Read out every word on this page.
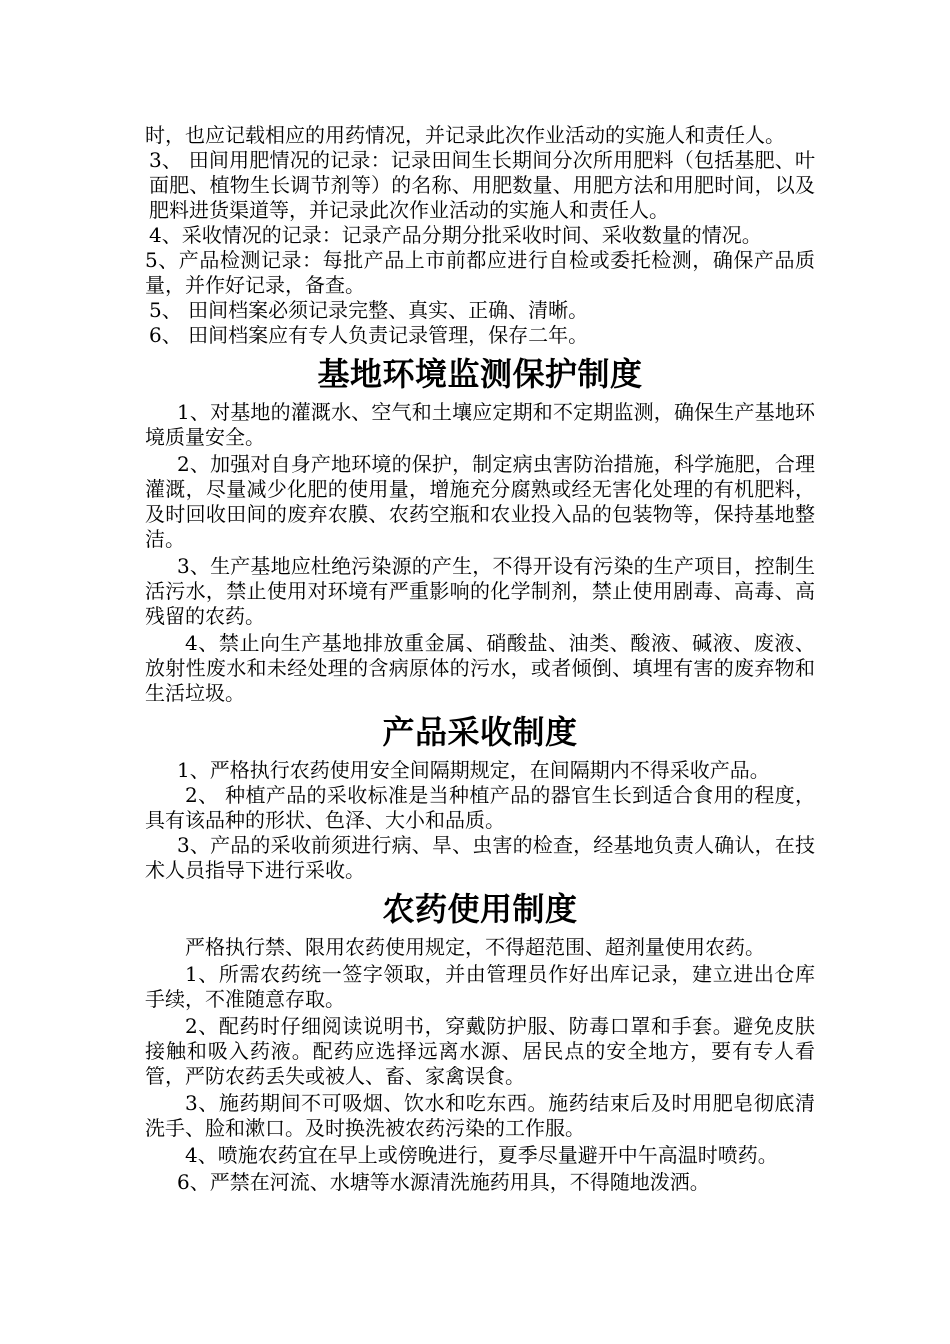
时，也应记载相应的用药情况，并记录此次作业活动的实施人和责任人。

3、 田间用肥情况的记录：记录田间生长期间分次所用肥料（包括基肥、叶面肥、植物生长调节剂等）的名称、用肥数量、用肥方法和用肥时间，以及肥料进货渠道等，并记录此次作业活动的实施人和责任人。

4、采收情况的记录：记录产品分期分批采收时间、采收数量的情况。

5、产品检测记录：每批产品上市前都应进行自检或委托检测，确保产品质量，并作好记录，备查。

5、 田间档案必须记录完整、真实、正确、清晰。

6、 田间档案应有专人负责记录管理，保存二年。

基地环境监测保护制度

1、对基地的灌溉水、空气和土壤应定期和不定期监测，确保生产基地环境质量安全。

2、加强对自身产地环境的保护，制定病虫害防治措施，科学施肥，合理灌溉，尽量减少化肥的使用量，增施充分腐熟或经无害化处理的有机肥料，及时回收田间的废弃农膜、农药空瓶和农业投入品的包装物等，保持基地整洁。

3、生产基地应杜绝污染源的产生，不得开设有污染的生产项目，控制生活污水，禁止使用对环境有严重影响的化学制剂，禁止使用剧毒、高毒、高残留的农药。

4、禁止向生产基地排放重金属、硝酸盐、油类、酸液、碱液、废液、放射性废水和未经处理的含病原体的污水，或者倾倒、填埋有害的废弃物和生活垃圾。

产品采收制度

1、严格执行农药使用安全间隔期规定，在间隔期内不得采收产品。

2、 种植产品的采收标准是当种植产品的器官生长到适合食用的程度，具有该品种的形状、色泽、大小和品质。

3、产品的采收前须进行病、旱、虫害的检查，经基地负责人确认，在技术人员指导下进行采收。

农药使用制度

严格执行禁、限用农药使用规定，不得超范围、超剂量使用农药。

1、所需农药统一签字领取，并由管理员作好出库记录，建立进出仓库手续，不准随意存取。

2、配药时仔细阅读说明书，穿戴防护服、防毒口罩和手套。避免皮肤接触和吸入药液。配药应选择远离水源、居民点的安全地方，要有专人看管，严防农药丢失或被人、畜、家禽误食。

3、施药期间不可吸烟、饮水和吃东西。施药结束后及时用肥皂彻底清洗手、脸和漱口。及时换洗被农药污染的工作服。

4、喷施农药宜在早上或傍晚进行，夏季尽量避开中午高温时喷药。

6、严禁在河流、水塘等水源清洗施药用具，不得随地泼洒。
